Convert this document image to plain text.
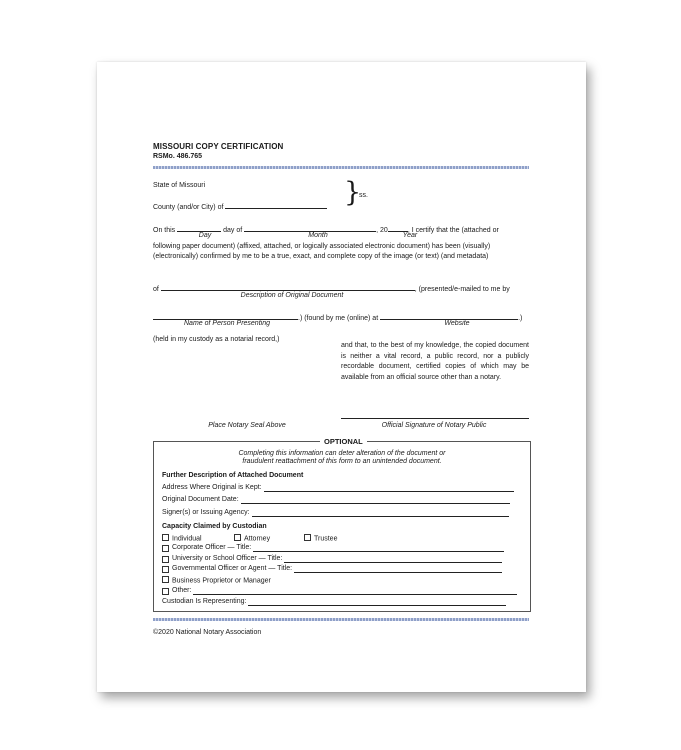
MISSOURI COPY CERTIFICATION
RSMo. 486.765
State of Missouri
County (and/or City) of	}
ss.
On this	day of	, 20	, I certify that the (attached or
Day	Month	Year
following paper document) (affixed, attached, or logically associated electronic document) has been (visually)
(electronically) confirmed by me to be a true, exact, and complete copy of the image (or text) (and metadata)
of	, (presented/e-mailed to me by
Description of Original Document
.) (found by me (online) at	.)
Name of Person Presenting	Website
(held in my custody as a notarial record,)
and that, to the best of my knowledge, the copied document is neither a vital record, a public record, nor a publicly recordable document, certified copies of which may be available from an official source other than a notary.
Place Notary Seal Above	Official Signature of Notary Public
OPTIONAL
Completing this information can deter alteration of the document or
fraudulent reattachment of this form to an unintended document.
Further Description of Attached Document
Address Where Original is Kept:
Original Document Date:
Signer(s) or Issuing Agency:
Capacity Claimed by Custodian
Individual	Attorney	Trustee
Corporate Officer — Title:
University or School Officer — Title:
Governmental Officer or Agent — Title:
Business Proprietor or Manager
Other:
Custodian Is Representing:
©2020 National Notary Association
